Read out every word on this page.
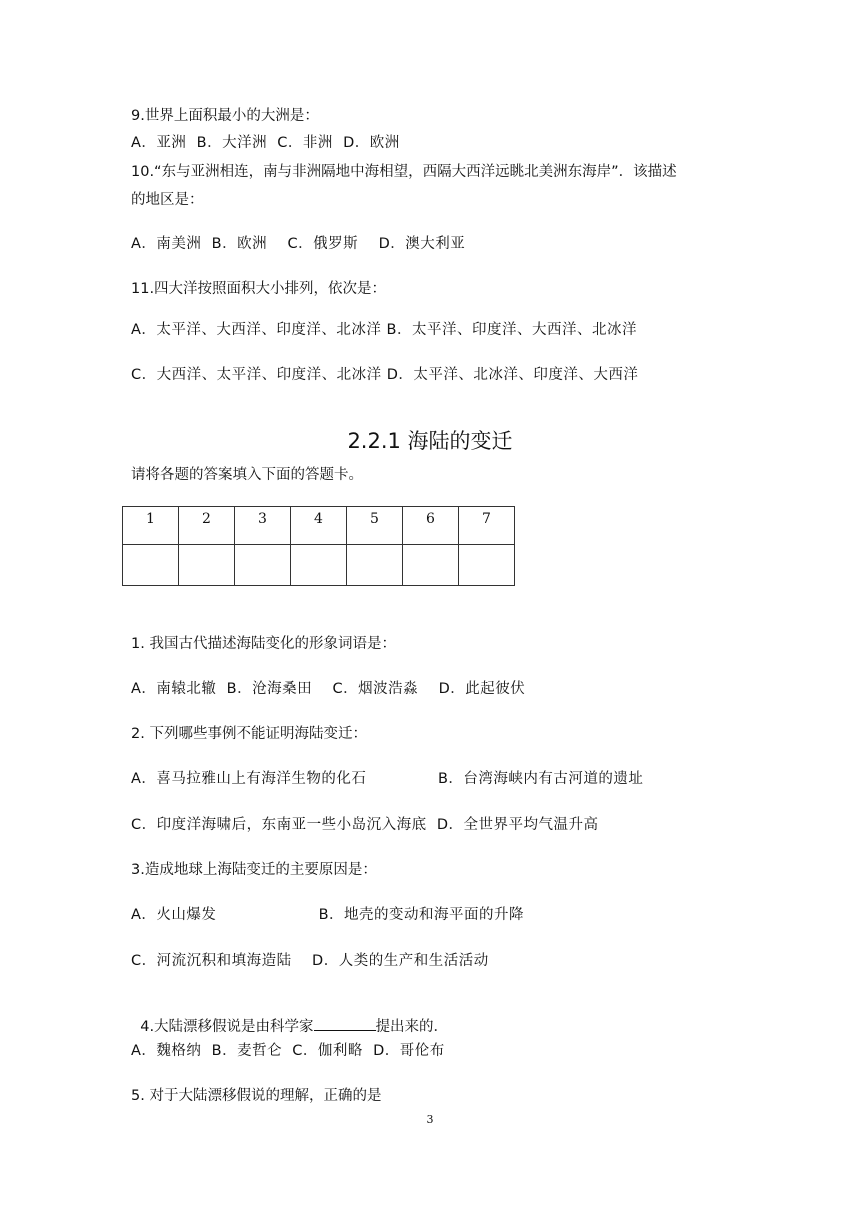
9.世界上面积最小的大洲是：
A．亚洲  B．大洋洲  C．非洲  D．欧洲
10.“东与亚洲相连，南与非洲隔地中海相望，西隔大西洋远眺北美洲东海岸”．该描述
的地区是：
A．南美洲  B．欧洲    C．俄罗斯    D．澳大利亚
11.四大洋按照面积大小排列，依次是：
A．太平洋、大西洋、印度洋、北冰洋 B．太平洋、印度洋、大西洋、北冰洋
C．大西洋、太平洋、印度洋、北冰洋 D．太平洋、北冰洋、印度洋、大西洋
2.2.1 海陆的变迁
请将各题的答案填入下面的答题卡。
1	2	3	4	5	6	7

1. 我国古代描述海陆变化的形象词语是：
A．南辕北辙  B．沧海桑田    C．烟波浩淼    D．此起彼伏
2. 下列哪些事例不能证明海陆变迁：
A．喜马拉雅山上有海洋生物的化石              B．台湾海峡内有古河道的遗址
C．印度洋海啸后，东南亚一些小岛沉入海底  D．全世界平均气温升高
3.造成地球上海陆变迁的主要原因是：
A．火山爆发                    B．地壳的变动和海平面的升降
C．河流沉积和填海造陆    D．人类的生产和生活活动

4.大陆漂移假说是由科学家	提出来的．

A．魏格纳  B．麦哲仑  C．伽利略  D．哥伦布
5. 对于大陆漂移假说的理解，正确的是
3
